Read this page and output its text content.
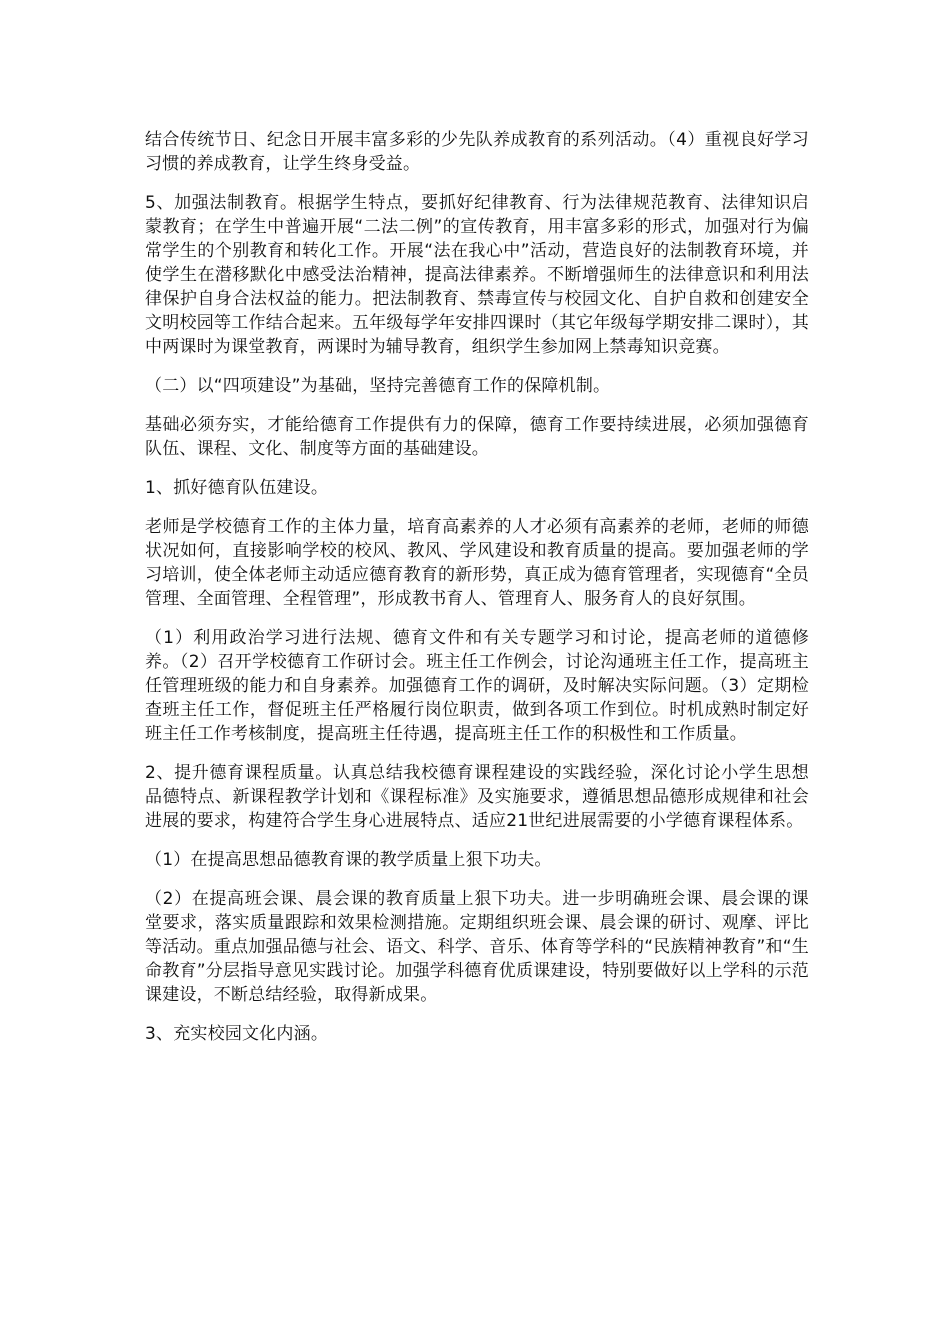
结合传统节日、纪念日开展丰富多彩的少先队养成教育的系列活动。（4）重视良好学习习惯的养成教育，让学生终身受益。

5、加强法制教育。根据学生特点，要抓好纪律教育、行为法律规范教育、法律知识启蒙教育；在学生中普遍开展“二法二例”的宣传教育，用丰富多彩的形式，加强对行为偏常学生的个别教育和转化工作。开展“法在我心中”活动，营造良好的法制教育环境，并使学生在潜移默化中感受法治精神，提高法律素养。不断增强师生的法律意识和利用法律保护自身合法权益的能力。把法制教育、禁毒宣传与校园文化、自护自救和创建安全文明校园等工作结合起来。五年级每学年安排四课时（其它年级每学期安排二课时），其中两课时为课堂教育，两课时为辅导教育，组织学生参加网上禁毒知识竞赛。

（二）以“四项建设”为基础，坚持完善德育工作的保障机制。

基础必须夯实，才能给德育工作提供有力的保障，德育工作要持续进展，必须加强德育队伍、课程、文化、制度等方面的基础建设。

1、抓好德育队伍建设。

老师是学校德育工作的主体力量，培育高素养的人才必须有高素养的老师，老师的师德状况如何，直接影响学校的校风、教风、学风建设和教育质量的提高。要加强老师的学习培训，使全体老师主动适应德育教育的新形势，真正成为德育管理者，实现德育“全员管理、全面管理、全程管理”，形成教书育人、管理育人、服务育人的良好氛围。

（1）利用政治学习进行法规、德育文件和有关专题学习和讨论，提高老师的道德修养。（2）召开学校德育工作研讨会。班主任工作例会，讨论沟通班主任工作，提高班主任管理班级的能力和自身素养。加强德育工作的调研，及时解决实际问题。（3）定期检查班主任工作，督促班主任严格履行岗位职责，做到各项工作到位。时机成熟时制定好班主任工作考核制度，提高班主任待遇，提高班主任工作的积极性和工作质量。

2、提升德育课程质量。认真总结我校德育课程建设的实践经验，深化讨论小学生思想品德特点、新课程教学计划和《课程标准》及实施要求，遵循思想品德形成规律和社会进展的要求，构建符合学生身心进展特点、适应21世纪进展需要的小学德育课程体系。

（1）在提高思想品德教育课的教学质量上狠下功夫。

（2）在提高班会课、晨会课的教育质量上狠下功夫。进一步明确班会课、晨会课的课堂要求，落实质量跟踪和效果检测措施。定期组织班会课、晨会课的研讨、观摩、评比等活动。重点加强品德与社会、语文、科学、音乐、体育等学科的“民族精神教育”和“生命教育”分层指导意见实践讨论。加强学科德育优质课建设，特别要做好以上学科的示范课建设，不断总结经验，取得新成果。

3、充实校园文化内涵。
